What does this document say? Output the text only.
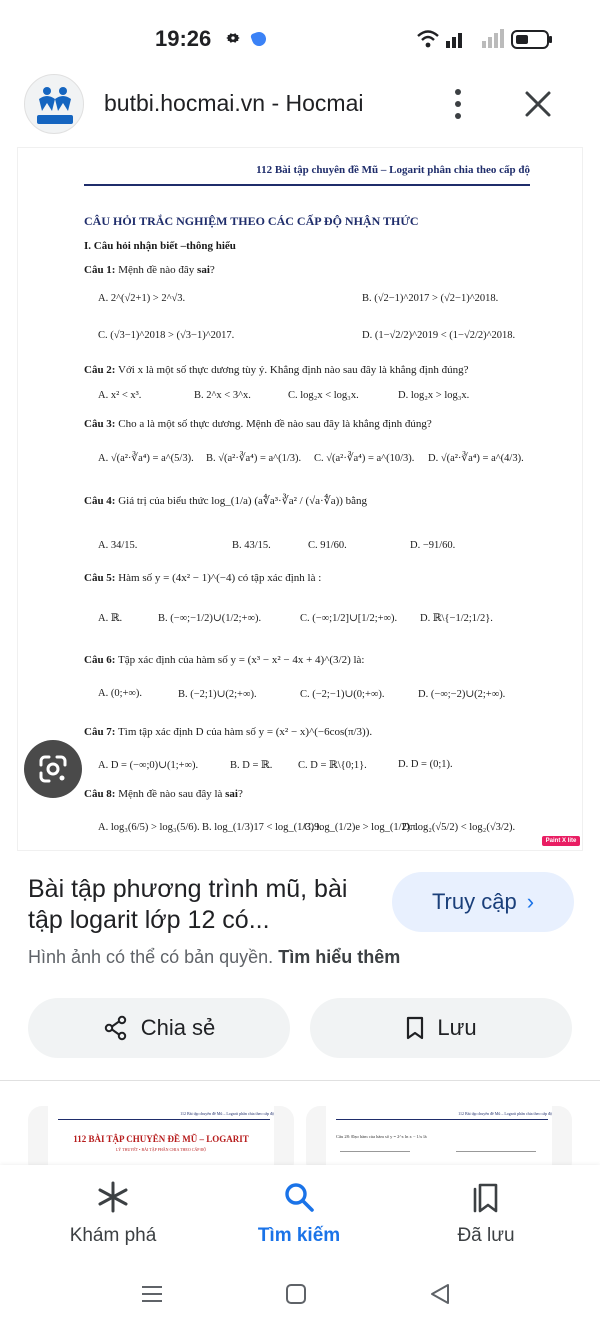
19:26
butbi.hocmai.vn - Hocmai
112 Bài tập chuyên đề Mũ – Logarit phân chia theo cấp độ
CÂU HỎI TRẮC NGHIỆM THEO CÁC CẤP ĐỘ NHẬN THỨC
I. Câu hỏi nhận biết –thông hiểu
Câu 1: Mệnh đề nào đây sai?
A. 2^(√2+1) > 2^√3.	B. (√2−1)^2017 > (√2−1)^2018.
C. (√3−1)^2018 > (√3−1)^2017.	D. (1−√2/2)^2019 < (1−√2/2)^2018.
Câu 2: Với x là một số thực dương tùy ý. Khẳng định nào sau đây là khẳng định đúng?
A. x² < x³.	B. 2^x < 3^x.	C. log₂x < log₃x.	D. log₂x > log₃x.
Câu 3: Cho a là một số thực dương. Mệnh đề nào sau đây là khẳng định đúng?
A. √(a²·∛a⁴) = a^(5/3). B. √(a²·∛a⁴) = a^(1/3). C. √(a²·∛a⁴) = a^(10/3). D. √(a²·∛a⁴) = a^(4/3).
Câu 4: Giá trị của biểu thức log_(1/a) (a∜a³·∛a² / (√a·∜a)) bằng
A. 34/15.	B. 43/15.	C. 91/60.	D. −91/60.
Câu 5: Hàm số y = (4x² − 1)^(−4) có tập xác định là :
A. ℝ.	B. (−∞;−1/2)∪(1/2;+∞).	C. (−∞;1/2]∪[1/2;+∞). D. ℝ\{−1/2;1/2}.
Câu 6: Tập xác định của hàm số y = (x³ − x² − 4x + 4)^(3/2) là:
A. (0;+∞).	B. (−2;1)∪(2;+∞).	C. (−2;−1)∪(0;+∞).	D. (−∞;−2)∪(2;+∞).
Câu 7: Tìm tập xác định D của hàm số y = (x² − x)^(−6cos(π/3)).
A. D = (−∞;0)∪(1;+∞).	B. D = ℝ. C. D = ℝ\{0;1}.	D. D = (0;1).
Câu 8: Mệnh đề nào sau đây là sai?
A. log₃(6/5) > log₃(5/6). B. log_(1/3)17 < log_(1/3)9.
C. log_(1/2)e > log_(1/2)π.
D. log₂(√5/2) < log₂(√3/2).
Paint X lite
Bài tập phương trình mũ, bài tập logarit lớp 12 có...
Truy cập ›
Hình ảnh có thể có bản quyền. Tìm hiểu thêm
Chia sẻ	Lưu
112 Bài tập chuyên đề Mũ – Logarit phân chia theo cấp độ
112 BÀI TẬP CHUYÊN ĐỀ MŨ – LOGARIT
LÝ THUYẾT • BÀI TẬP PHÂN CHIA THEO CẤP ĐỘ
112 Bài tập chuyên đề Mũ – Logarit phân chia theo cấp độ
Câu 28: Đạo hàm của hàm số y = 2^x ln x − 1/x là
Khám phá	Tìm kiếm	Đã lưu
